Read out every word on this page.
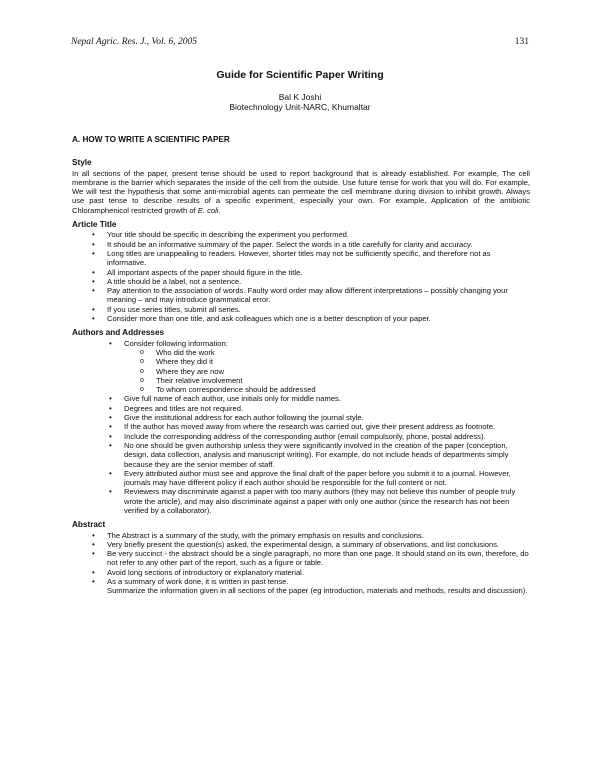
Nepal Agric. Res. J., Vol. 6, 2005	131
Guide for Scientific Paper Writing
Bal K Joshi
Biotechnology Unit-NARC, Khumaltar
A. HOW TO WRITE A SCIENTIFIC PAPER
Style

In all sections of the paper, present tense should be used to report background that is already established. For example, The cell membrane is the barrier which separates the inside of the cell from the outside. Use future tense for work that you will do. For example, We will test the hypothesis that some anti-microbial agents can permeate the cell membrane during division to inhibit growth. Always use past tense to describe results of a specific experiment, especially your own. For example, Application of the antibiotic Chloramphenicol restricted growth of E. coli.

Article Title
• Your title should be specific in describing the experiment you performed.
• It should be an informative summary of the paper. Select the words in a title carefully for clarity and accuracy.
• Long titles are unappealing to readers. However, shorter titles may not be sufficiently specific, and therefore not as informative.
• All important aspects of the paper should figure in the title.
• A title should be a label, not a sentence.
• Pay attention to the association of words. Faulty word order may allow different interpretations – possibly changing your meaning – and may introduce grammatical error.
• If you use series titles, submit all series.
• Consider more than one title, and ask colleagues which one is a better description of your paper.
Authors and Addresses
• Consider following information:
o Who did the work
o Where they did it
o Where they are now
o Their relative involvement
o To whom correspondence should be addressed
• Give full name of each author, use initials only for middle names.
• Degrees and titles are not required.
• Give the institutional address for each author following the journal style.
• If the author has moved away from where the research was carried out, give their present address as footnote.
• Include the corresponding address of the corresponding author (email compulsorily, phone, postal address).
• No one should be given authorship unless they were significantly involved in the creation of the paper (conception, design, data collection, analysis and manuscript writing). For example, do not include heads of departments simply because they are the senior member of staff.
• Every attributed author must see and approve the final draft of the paper before you submit it to a journal. However, journals may have different policy if each author should be responsible for the full content or not.
• Reviewers may discriminate against a paper with too many authors (they may not believe this number of people truly wrote the article), and may also discriminate against a paper with only one author (since the research has not been verified by a collaborator).
Abstract
• The Abstract is a summary of the study, with the primary emphasis on results and conclusions.
• Very briefly present the question(s) asked, the experimental design, a summary of observations, and list conclusions.
• Be very succinct - the abstract should be a single paragraph, no more than one page. It should stand on its own, therefore, do not refer to any other part of the report, such as a figure or table.
• Avoid long sections of introductory or explanatory material.
• As a summary of work done, it is written in past tense.
Summarize the information given in all sections of the paper (eg introduction, materials and methods, results and discussion).
